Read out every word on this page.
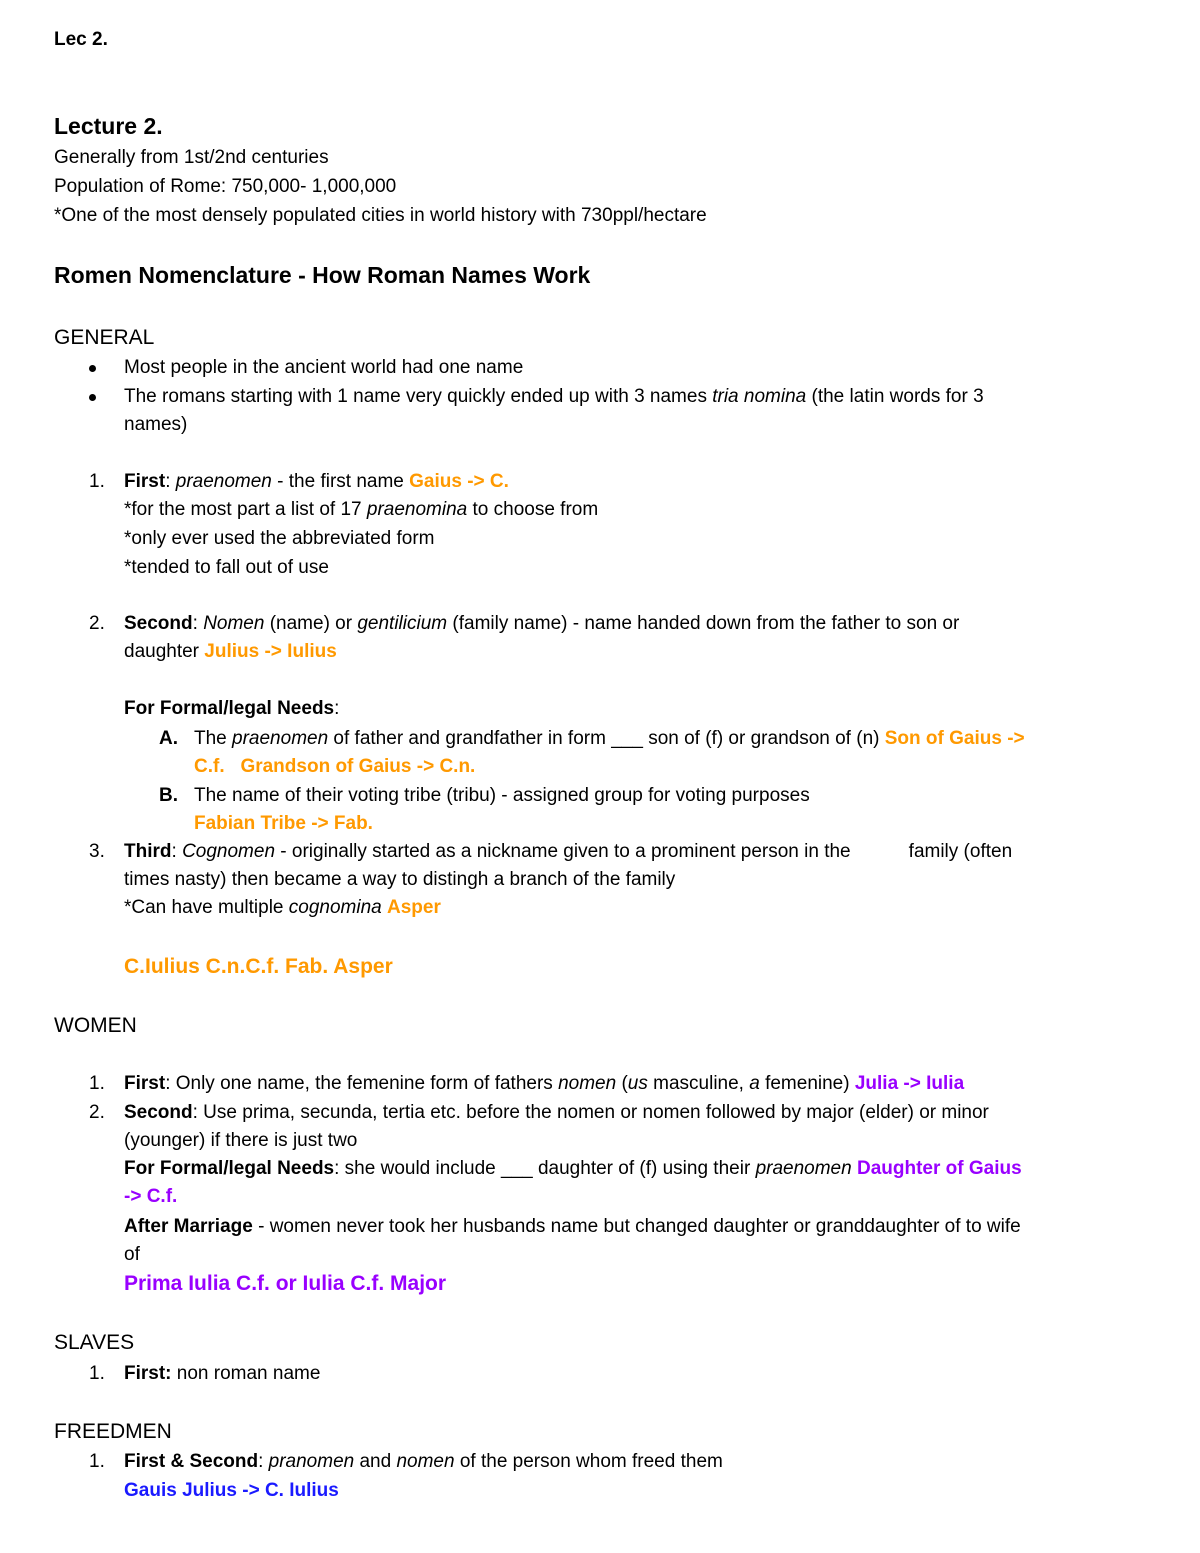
Lec 2.
Lecture 2.
Generally from 1st/2nd centuries
Population of Rome: 750,000- 1,000,000
*One of the most densely populated cities in world history with 730ppl/hectare
Romen Nomenclature - How Roman Names Work
GENERAL
Most people in the ancient world had one name
The romans starting with 1 name very quickly ended up with 3 names tria nomina (the latin words for 3
names)
1. First: praenomen - the first name Gaius -> C.
*for the most part a list of 17 praenomina to choose from
*only ever used the abbreviated form
*tended to fall out of use
2. Second: Nomen (name) or gentilicium (family name) - name handed down from the father to son or
daughter Julius -> Iulius
For Formal/legal Needs:
A. The praenomen of father and grandfather in form ___ son of (f) or grandson of (n) Son of Gaius ->
C.f.   Grandson of Gaius -> C.n.
B. The name of their voting tribe (tribu) - assigned group for voting purposes
Fabian Tribe -> Fab.
3. Third: Cognomen - originally started as a nickname given to a prominent person in the           family (often
times nasty) then became a way to distingh a branch of the family
*Can have multiple cognomina Asper
C.Iulius C.n.C.f. Fab. Asper
WOMEN
1. First: Only one name, the femenine form of fathers nomen (us masculine, a femenine) Julia -> Iulia
2. Second: Use prima, secunda, tertia etc. before the nomen or nomen followed by major (elder) or minor
(younger) if there is just two
For Formal/legal Needs: she would include ___ daughter of (f) using their praenomen Daughter of Gaius
-> C.f.
After Marriage - women never took her husbands name but changed daughter or granddaughter of to wife
of
Prima Iulia C.f. or Iulia C.f. Major
SLAVES
1. First: non roman name
FREEDMEN
1. First & Second: pranomen and nomen of the person whom freed them
Gauis Julius -> C. Iulius
